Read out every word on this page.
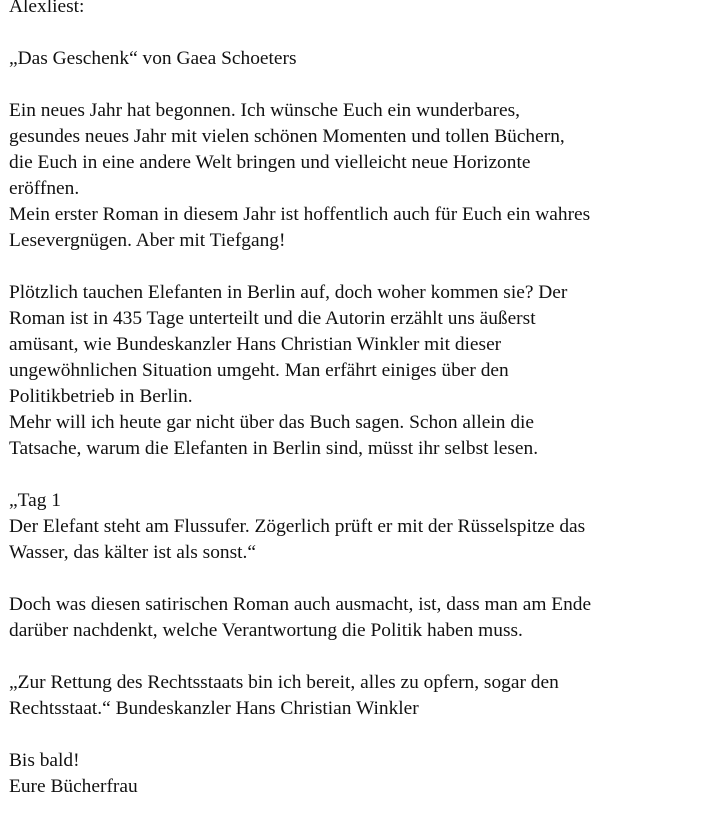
Alexliest:
„Das Geschenk“ von Gaea Schoeters
Ein neues Jahr hat begonnen. Ich wünsche Euch ein wunderbares,
gesundes neues Jahr mit vielen schönen Momenten und tollen Büchern,
die Euch in eine andere Welt bringen und vielleicht neue Horizonte
eröffnen.
Mein erster Roman in diesem Jahr ist hoffentlich auch für Euch ein wahres
Lesevergnügen. Aber mit Tiefgang!
Plötzlich tauchen Elefanten in Berlin auf, doch woher kommen sie? Der
Roman ist in 435 Tage unterteilt und die Autorin erzählt uns äußerst
amüsant, wie Bundeskanzler Hans Christian Winkler mit dieser
ungewöhnlichen Situation umgeht. Man erfährt einiges über den
Politikbetrieb in Berlin.
Mehr will ich heute gar nicht über das Buch sagen. Schon allein die
Tatsache, warum die Elefanten in Berlin sind, müsst ihr selbst lesen.
„Tag 1
Der Elefant steht am Flussufer. Zögerlich prüft er mit der Rüsselspitze das
Wasser, das kälter ist als sonst.“
Doch was diesen satirischen Roman auch ausmacht, ist, dass man am Ende
darüber nachdenkt, welche Verantwortung die Politik haben muss.
„Zur Rettung des Rechtsstaats bin ich bereit, alles zu opfern, sogar den
Rechtsstaat.“ Bundeskanzler Hans Christian Winkler
Bis bald!
Eure Bücherfrau
